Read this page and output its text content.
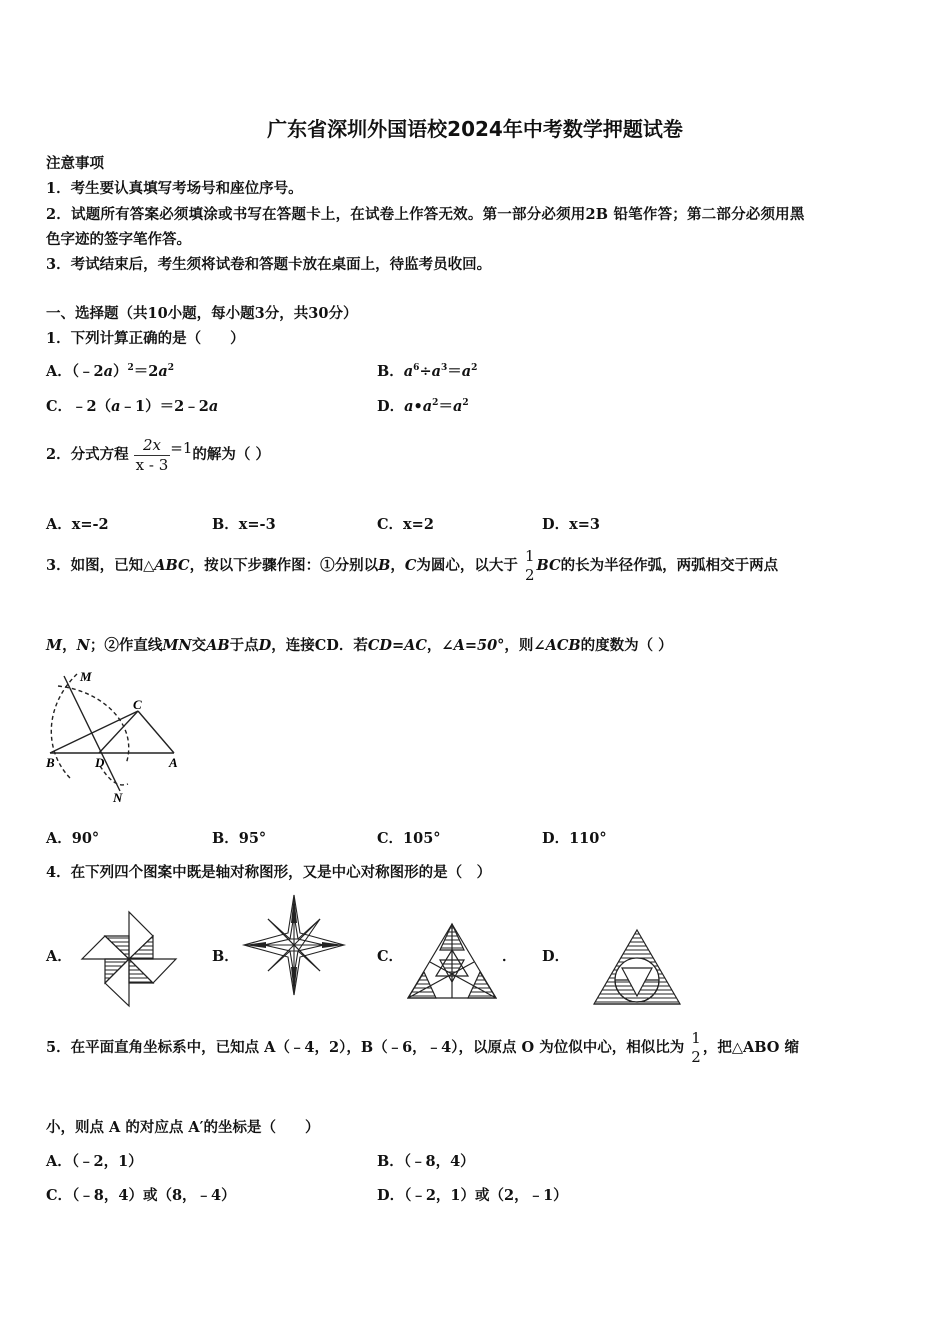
广东省深圳外国语校2024年中考数学押题试卷
注意事项
1．考生要认真填写考场号和座位序号。
2．试题所有答案必须填涂或书写在答题卡上，在试卷上作答无效。第一部分必须用2B 铅笔作答；第二部分必须用黑
色字迹的签字笔作答。
3．考试结束后，考生须将试卷和答题卡放在桌面上，待监考员收回。
一、选择题（共10小题，每小题3分，共30分）
1．下列计算正确的是（　　）
A．$(﹣2a)^2=2a^2$	B．$a^6\div a^3=a^2$
C．﹣2（a﹣1）＝2﹣2a	D．$a•a^2=a^2$
2．分式方程 $\frac{2x}{x - 3} =1$的解为（ ）
A．x=-2	B．x=-3	C．x=2	D．x=3
3．如图，已知△ABC，按以下步骤作图：①分别以B，C为圆心，以大于
1
2
BC的长为半径作弧，两弧相交于两点
M，N；②作直线MN交AB于点D，连接CD．若CD=AC，∠A=50°，则∠ACB的度数为（ ）
M
C
B	D	A
N
A．90°	B．95°	C．105°	D．110°
4．在下列四个图案中既是轴对称图形，又是中心对称图形的是（　）
A．	B．	C．	． D．
5．在平面直角坐标系中，已知点 A（﹣4，2），B（﹣6，﹣4），以原点 O 为位似中心，相似比为
1
2
，把△ABO 缩
小，则点 A 的对应点 A′的坐标是（　　）
A．（﹣2，1）	B．（﹣8，4）
C．（﹣8，4）或（8，﹣4）	D．（﹣2，1）或（2，﹣1）
